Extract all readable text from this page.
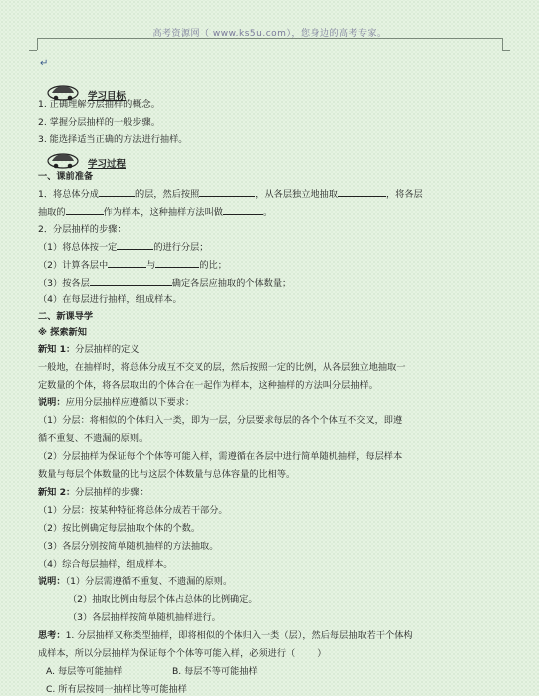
高考资源网（ www.ks5u.com），您身边的高考专家。
↵
学习目标
1. 正确理解分层抽样的概念。
2. 掌握分层抽样的一般步骤。
3. 能选择适当正确的方法进行抽样。
学习过程
一、课前准备
1．将总体分成	的层，然后按照	，从各层独立地抽取	，将各层
抽取的	作为样本，这种抽样方法叫做	。
2．分层抽样的步骤：
（1）将总体按一定	的进行分层；
（2）计算各层中	与	的比；
（3）按各层	确定各层应抽取的个体数量；
（4）在每层进行抽样，组成样本。
二、新课导学
※ 探索新知
新知 1：分层抽样的定义
一般地，在抽样时，将总体分成互不交叉的层，然后按照一定的比例，从各层独立地抽取一
定数量的个体，将各层取出的个体合在一起作为样本，这种抽样的方法叫分层抽样。
说明：应用分层抽样应遵循以下要求：
（1）分层：将相似的个体归入一类，即为一层，分层要求每层的各个个体互不交叉，即遵
循不重复、不遗漏的原则。
（2）分层抽样为保证每个个体等可能入样，需遵循在各层中进行简单随机抽样，每层样本
数量与每层个体数量的比与这层个体数量与总体容量的比相等。
新知 2：分层抽样的步骤：
（1）分层：按某种特征将总体分成若干部分。
（2）按比例确定每层抽取个体的个数。
（3）各层分别按简单随机抽样的方法抽取。
（4）综合每层抽样，组成样本。
说明：（1）分层需遵循不重复、不遗漏的原则。
（2）抽取比例由每层个体占总体的比例确定。
（3）各层抽样按简单随机抽样进行。
思考：1. 分层抽样又称类型抽样，即将相似的个体归入一类（层），然后每层抽取若干个体构
成样本，所以分层抽样为保证每个个体等可能入样，必须进行（ ）
A. 每层等可能抽样	B. 每层不等可能抽样
C. 所有层按同一抽样比等可能抽样
